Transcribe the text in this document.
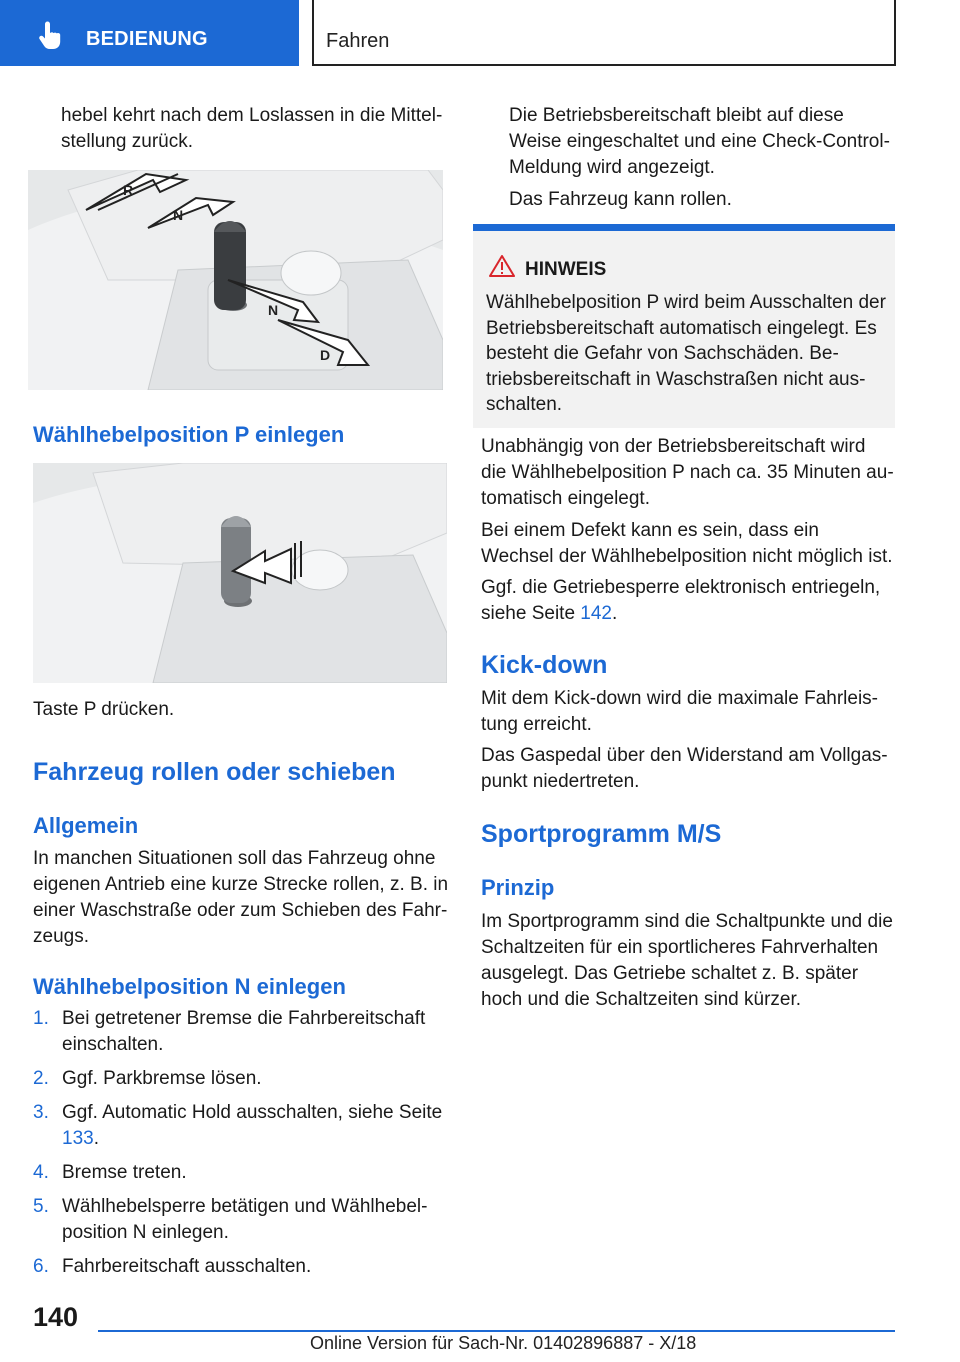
BEDIENUNG	Fahren
hebel kehrt nach dem Loslassen in die Mittelstellung zurück.
R
N
N
D
Wählhebelposition P einlegen
Taste P drücken.
Fahrzeug rollen oder schieben
Allgemein
In manchen Situationen soll das Fahrzeug ohne eigenen Antrieb eine kurze Strecke rollen, z. B. in einer Waschstraße oder zum Schieben des Fahrzeugs.
Wählhebelposition N einlegen
1. Bei getretener Bremse die Fahrbereitschaft einschalten.
2. Ggf. Parkbremse lösen.
3. Ggf. Automatic Hold ausschalten, siehe Seite 133.
4. Bremse treten.
5. Wählhebelsperre betätigen und Wählhebelposition N einlegen.
6. Fahrbereitschaft ausschalten.
Die Betriebsbereitschaft bleibt auf diese Weise eingeschaltet und eine Check-Control-Meldung wird angezeigt.
Das Fahrzeug kann rollen.
HINWEIS
Wählhebelposition P wird beim Ausschalten der Betriebsbereitschaft automatisch eingelegt. Es besteht die Gefahr von Sachschäden. Betriebsbereitschaft in Waschstraßen nicht ausschalten.
Unabhängig von der Betriebsbereitschaft wird die Wählhebelposition P nach ca. 35 Minuten automatisch eingelegt.
Bei einem Defekt kann es sein, dass ein Wechsel der Wählhebelposition nicht möglich ist.
Ggf. die Getriebesperre elektronisch entriegeln, siehe Seite 142.
Kick-down
Mit dem Kick-down wird die maximale Fahrleistung erreicht.
Das Gaspedal über den Widerstand am Vollgaspunkt niedertreten.
Sportprogramm M/S
Prinzip
Im Sportprogramm sind die Schaltpunkte und die Schaltzeiten für ein sportlicheres Fahrverhalten ausgelegt. Das Getriebe schaltet z. B. später hoch und die Schaltzeiten sind kürzer.
140
Online Version für Sach-Nr. 01402896887 - X/18
